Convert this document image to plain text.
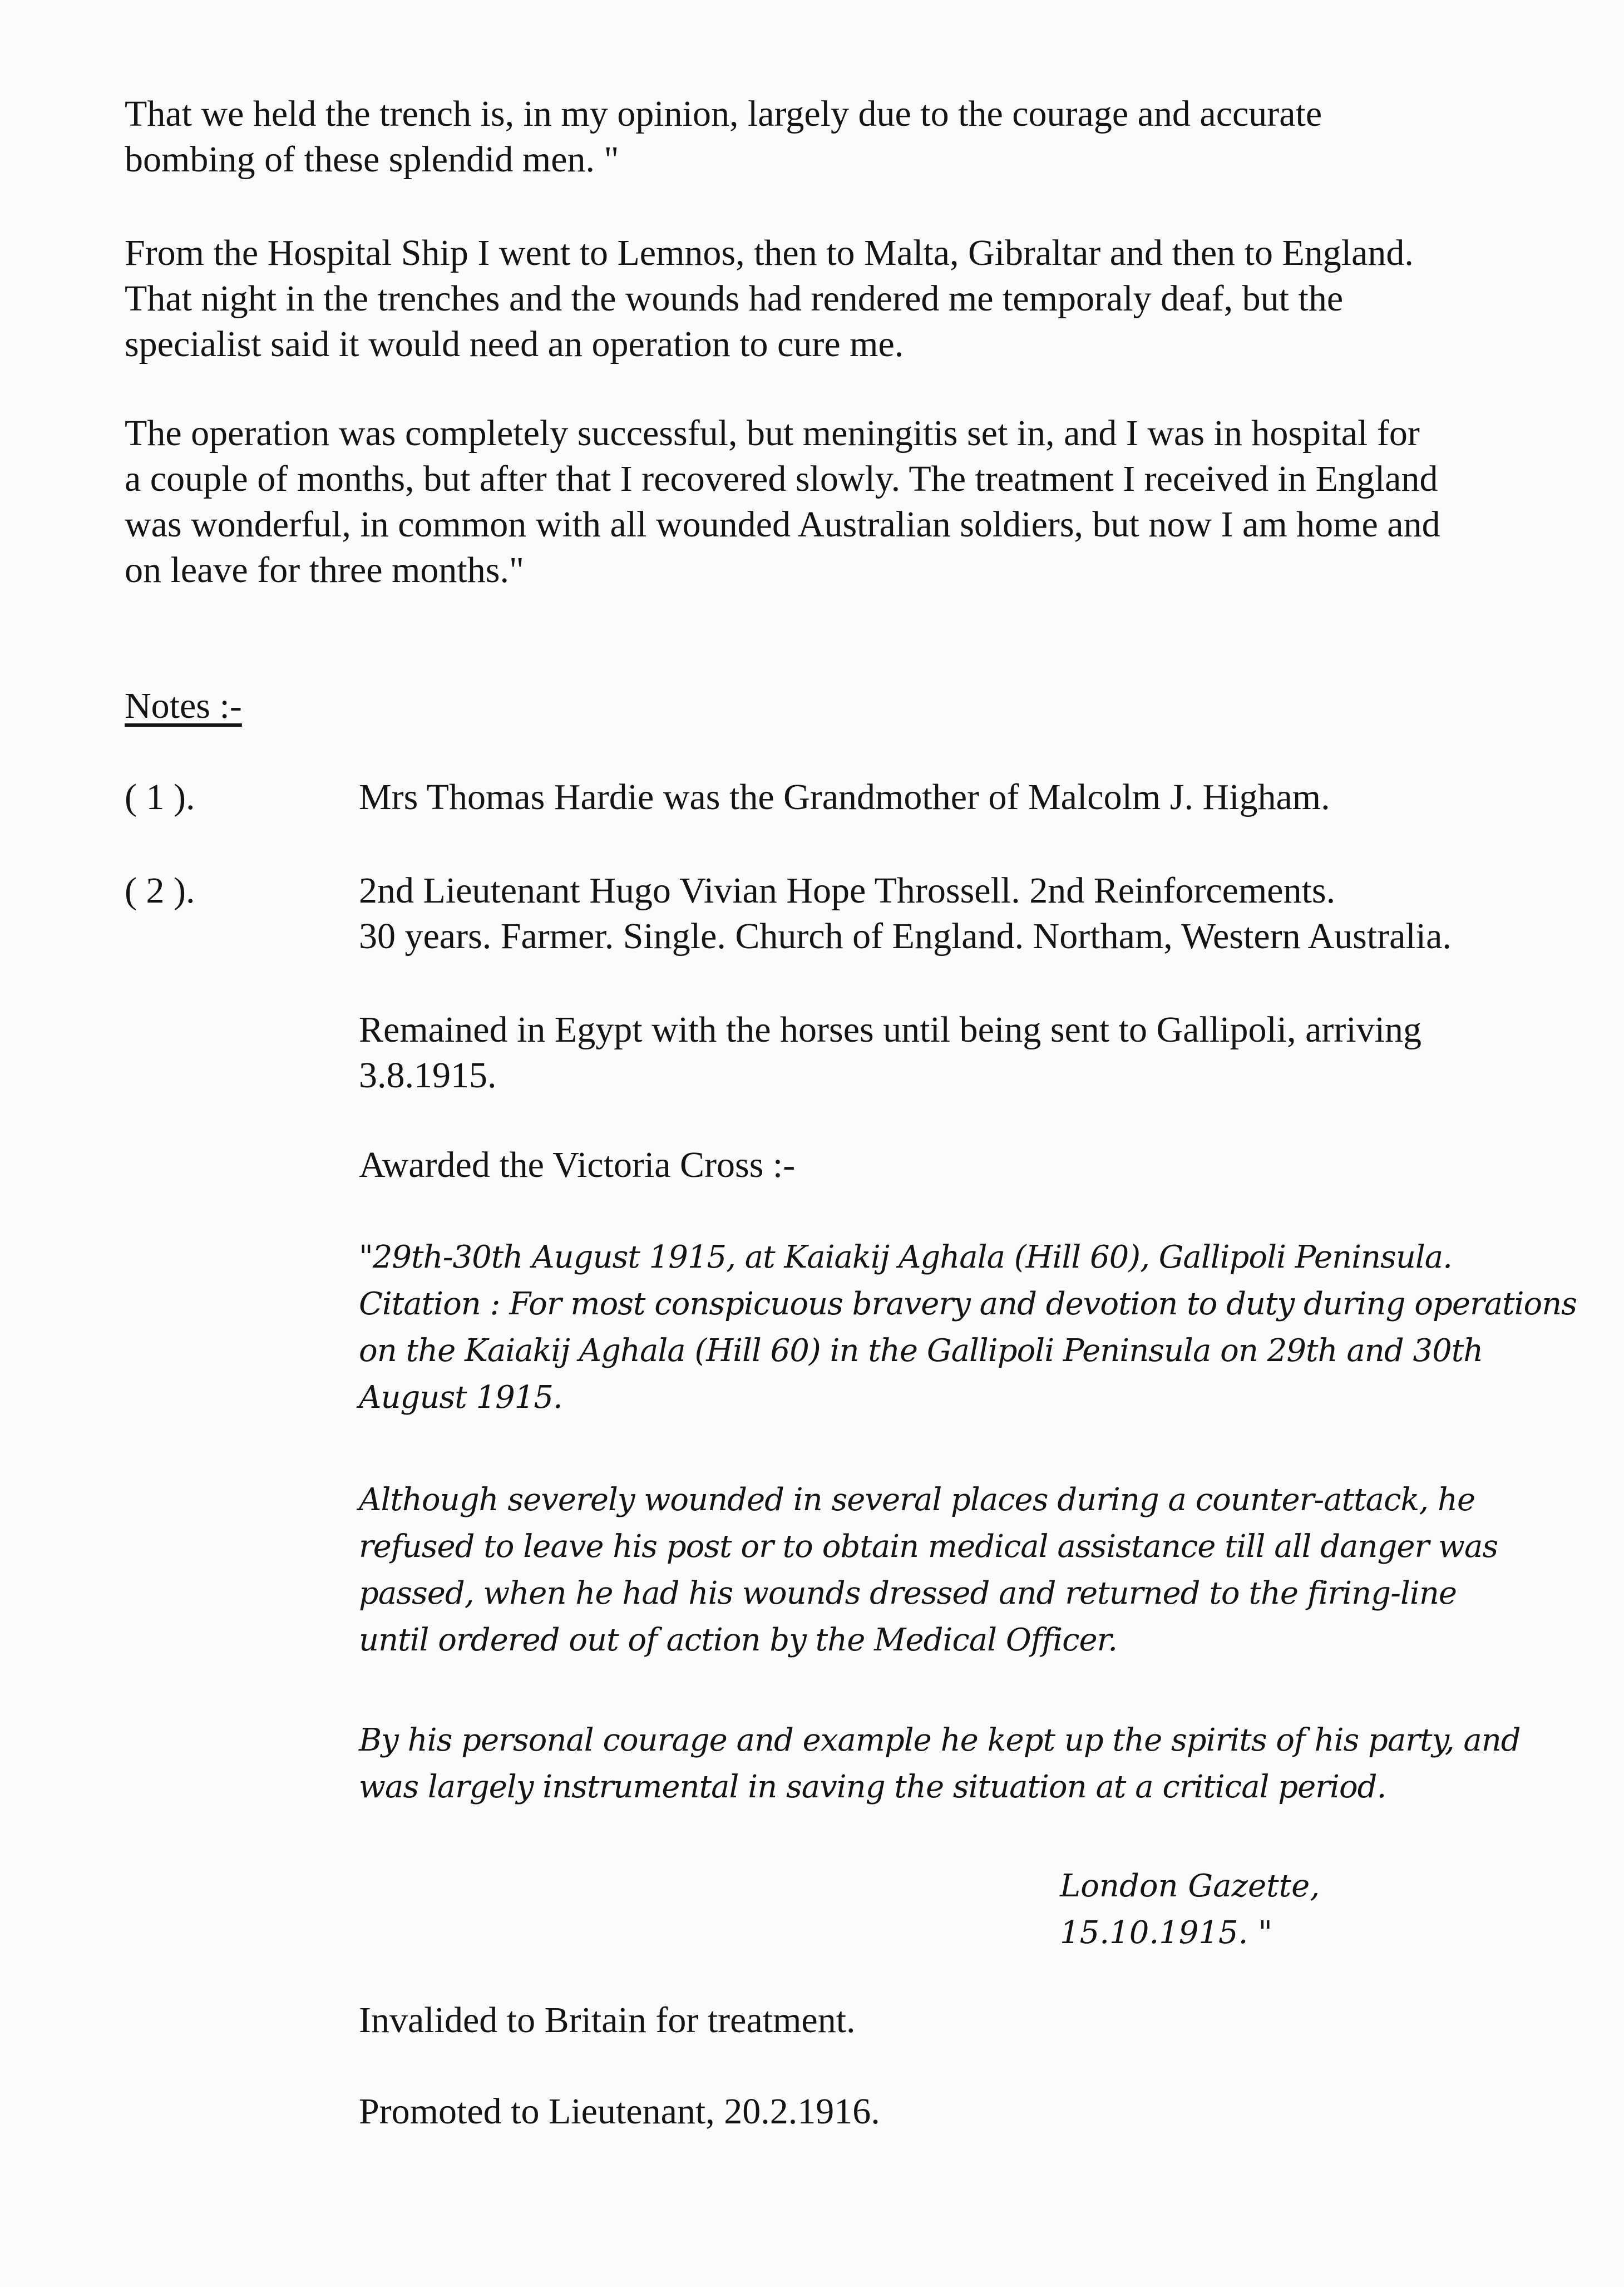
That we held the trench is, in my opinion, largely due to the courage and accurate
bombing of these splendid men. "

From the Hospital Ship I went to Lemnos, then to Malta, Gibraltar and then to England.
That night in the trenches and the wounds had rendered me temporaly deaf, but the
specialist said it would need an operation to cure me.

The operation was completely successful, but meningitis set in, and I was in hospital for
a couple of months, but after that I recovered slowly. The treatment I received in England
was wonderful, in common with all wounded Australian soldiers, but now I am home and
on leave for three months."

Notes :-

( 1 ).	Mrs Thomas Hardie was the Grandmother of Malcolm J. Higham.

( 2 ).	2nd Lieutenant Hugo Vivian Hope Throssell. 2nd Reinforcements.
30 years. Farmer. Single. Church of England. Northam, Western Australia.

Remained in Egypt with the horses until being sent to Gallipoli, arriving
3.8.1915.

Awarded the Victoria Cross :-

"29th-30th August 1915, at Kaiakij Aghala (Hill 60), Gallipoli Peninsula.
Citation : For most conspicuous bravery and devotion to duty during operations
on the Kaiakij Aghala (Hill 60) in the Gallipoli Peninsula on 29th and 30th
August 1915.

Although severely wounded in several places during a counter-attack, he
refused to leave his post or to obtain medical assistance till all danger was
passed, when he had his wounds dressed and returned to the firing-line
until ordered out of action by the Medical Officer.

By his personal courage and example he kept up the spirits of his party, and
was largely instrumental in saving the situation at a critical period.

London Gazette,
15.10.1915. "

Invalided to Britain for treatment.

Promoted to Lieutenant, 20.2.1916.
